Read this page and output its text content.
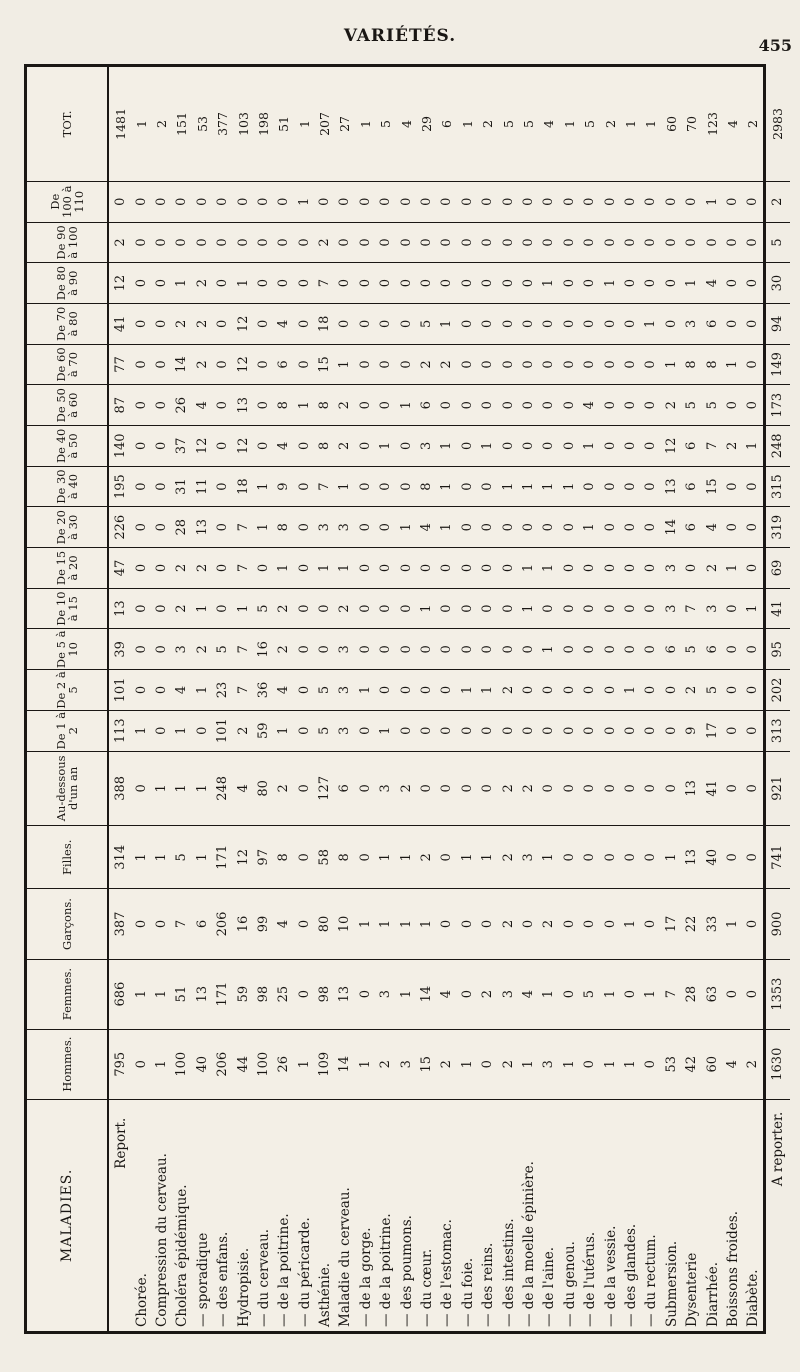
VARIÉTÉS.	455
MALADIES.	Hommes.	Femmes.	Garçons.	Filles.	Au-dessous d'un an	De 1 à 2	De 2 à 5	De 5 à 10	De 10 à 15	De 15 à 20	De 20 à 30	De 30 à 40	De 40 à 50	De 50 à 60	De 60 à 70	De 70 à 80	De 80 à 90	De 90 à 100	De 100 à 110	TOT.
Report.	795	686	387	314	388	113	101	39	13	47	226	195	140	87	77	41	12	2	0	1481
Chorée.	0	1	0	1	0	1	0	0	0	0	0	0	0	0	0	0	0	0	0	1
Compression du cerveau.	1	1	0	1	1	0	0	0	0	0	0	0	0	0	0	0	0	0	0	2
Choléra épidémique.	100	51	7	5	1	1	4	3	2	2	28	31	37	26	14	2	1	0	0	151
— sporadique	40	13	6	1	1	0	1	2	1	2	13	11	12	4	2	2	2	0	0	53
— des enfans.	206	171	206	171	248	101	23	5	0	0	0	0	0	0	0	0	0	0	0	377
Hydropisie.	44	59	16	12	4	2	7	7	1	7	7	18	12	13	12	12	1	0	0	103
— du cerveau.	100	98	99	97	80	59	36	16	5	0	1	1	0	0	0	0	0	0	0	198
— de la poitrine.	26	25	4	8	2	1	4	2	2	1	8	9	4	8	6	4	0	0	0	51
— du péricarde.	1	0	0	0	0	0	0	0	0	0	0	0	0	1	0	0	0	0	1	1
Asthénie.	109	98	80	58	127	5	5	0	0	1	3	7	8	8	15	18	7	2	0	207
Maladie du cerveau.	14	13	10	8	6	3	3	3	2	1	3	1	2	2	1	0	0	0	0	27
— de la gorge.	1	0	1	0	0	0	1	0	0	0	0	0	0	0	0	0	0	0	0	1
— de la poitrine.	2	3	1	1	3	1	0	0	0	0	0	0	1	0	0	0	0	0	0	5
— des poumons.	3	1	1	1	2	0	0	0	0	0	1	0	0	1	0	0	0	0	0	4
— du cœur.	15	14	1	2	0	0	0	0	1	0	4	8	3	6	2	5	0	0	0	29
— de l'estomac.	2	4	0	0	0	0	0	0	0	0	1	1	1	0	2	1	0	0	0	6
— du foie.	1	0	0	1	0	0	1	0	0	0	0	0	0	0	0	0	0	0	0	1
— des reins.	0	2	0	1	0	0	1	0	0	0	0	0	1	0	0	0	0	0	0	2
— des intestins.	2	3	2	2	2	0	2	0	0	0	0	1	0	0	0	0	0	0	0	5
— de la moelle épinière.	1	4	0	3	2	0	0	0	1	1	0	1	0	0	0	0	0	0	0	5
— de l'aine.	3	1	2	1	0	0	0	1	0	1	0	1	0	0	0	0	1	0	0	4
— du genou.	1	0	0	0	0	0	0	0	0	0	0	1	0	0	0	0	0	0	0	1
— de l'utérus.	0	5	0	0	0	0	0	0	0	0	1	0	1	4	0	0	0	0	0	5
— de la vessie.	1	1	0	0	0	0	0	0	0	0	0	0	0	0	0	0	1	0	0	2
— des glandes.	1	0	1	0	0	0	1	0	0	0	0	0	0	0	0	0	0	0	0	1
— du rectum.	0	1	0	0	0	0	0	0	0	0	0	0	0	0	0	1	0	0	0	1
Submersion.	53	7	17	1	0	0	0	6	3	3	14	13	12	2	1	0	0	0	0	60
Dysenterie	42	28	22	13	13	9	2	5	7	0	6	6	6	5	8	3	1	0	0	70
Diarrhée.	60	63	33	40	41	17	5	6	3	2	4	15	7	5	8	6	4	0	1	123
Boissons froides.	4	0	1	0	0	0	0	0	0	1	0	0	2	0	1	0	0	0	0	4
Diabète.	2	0	0	0	0	0	0	0	1	0	0	0	1	0	0	0	0	0	0	2
A reporter.	1630	1353	900	741	921	313	202	95	41	69	319	315	248	173	149	94	30	5	2	2983
